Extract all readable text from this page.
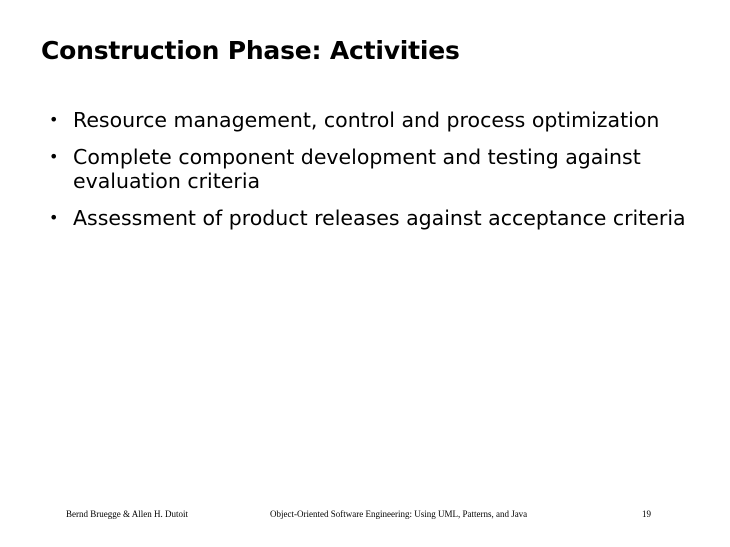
Construction Phase: Activities
• Resource management, control and process optimization
• Complete component development and testing against evaluation criteria
• Assessment of product releases against acceptance criteria
Bernd Bruegge & Allen H. Dutoit	Object-Oriented Software Engineering: Using UML, Patterns, and Java	19
